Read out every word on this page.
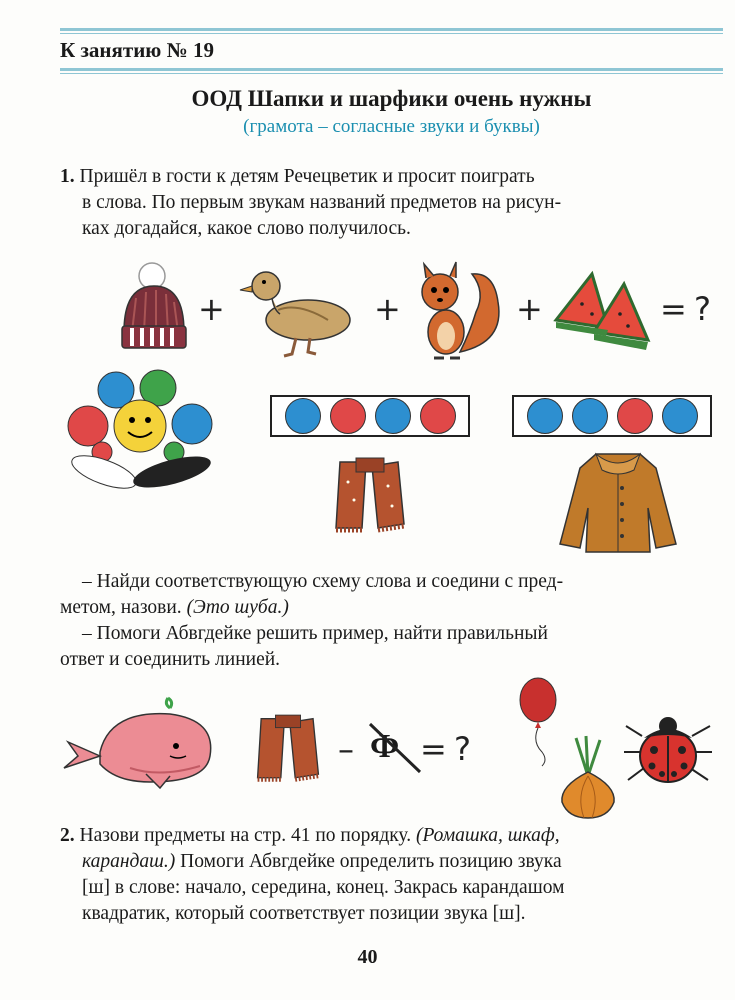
К занятию № 19
ООД Шапки и шарфики очень нужны
(грамота – согласные звуки и буквы)
1. Пришёл в гости к детям Речецветик и просит поиграть
в слова. По первым звукам названий предметов на рисун-
ках догадайся, какое слово получилось.
+	+	+	= ?
– Найди соответствующую схему слова и соедини с пред-
метом, назови. (Это шуба.)
– Помоги Абвгдейке решить пример, найти правильный
ответ и соединить линией.
– Ф = ?
2. Назови предметы на стр. 41 по порядку. (Ромашка, шкаф,
карандаш.) Помоги Абвгдейке определить позицию звука
[ш] в слове: начало, середина, конец. Закрась карандашом
квадратик, который соответствует позиции звука [ш].
40
